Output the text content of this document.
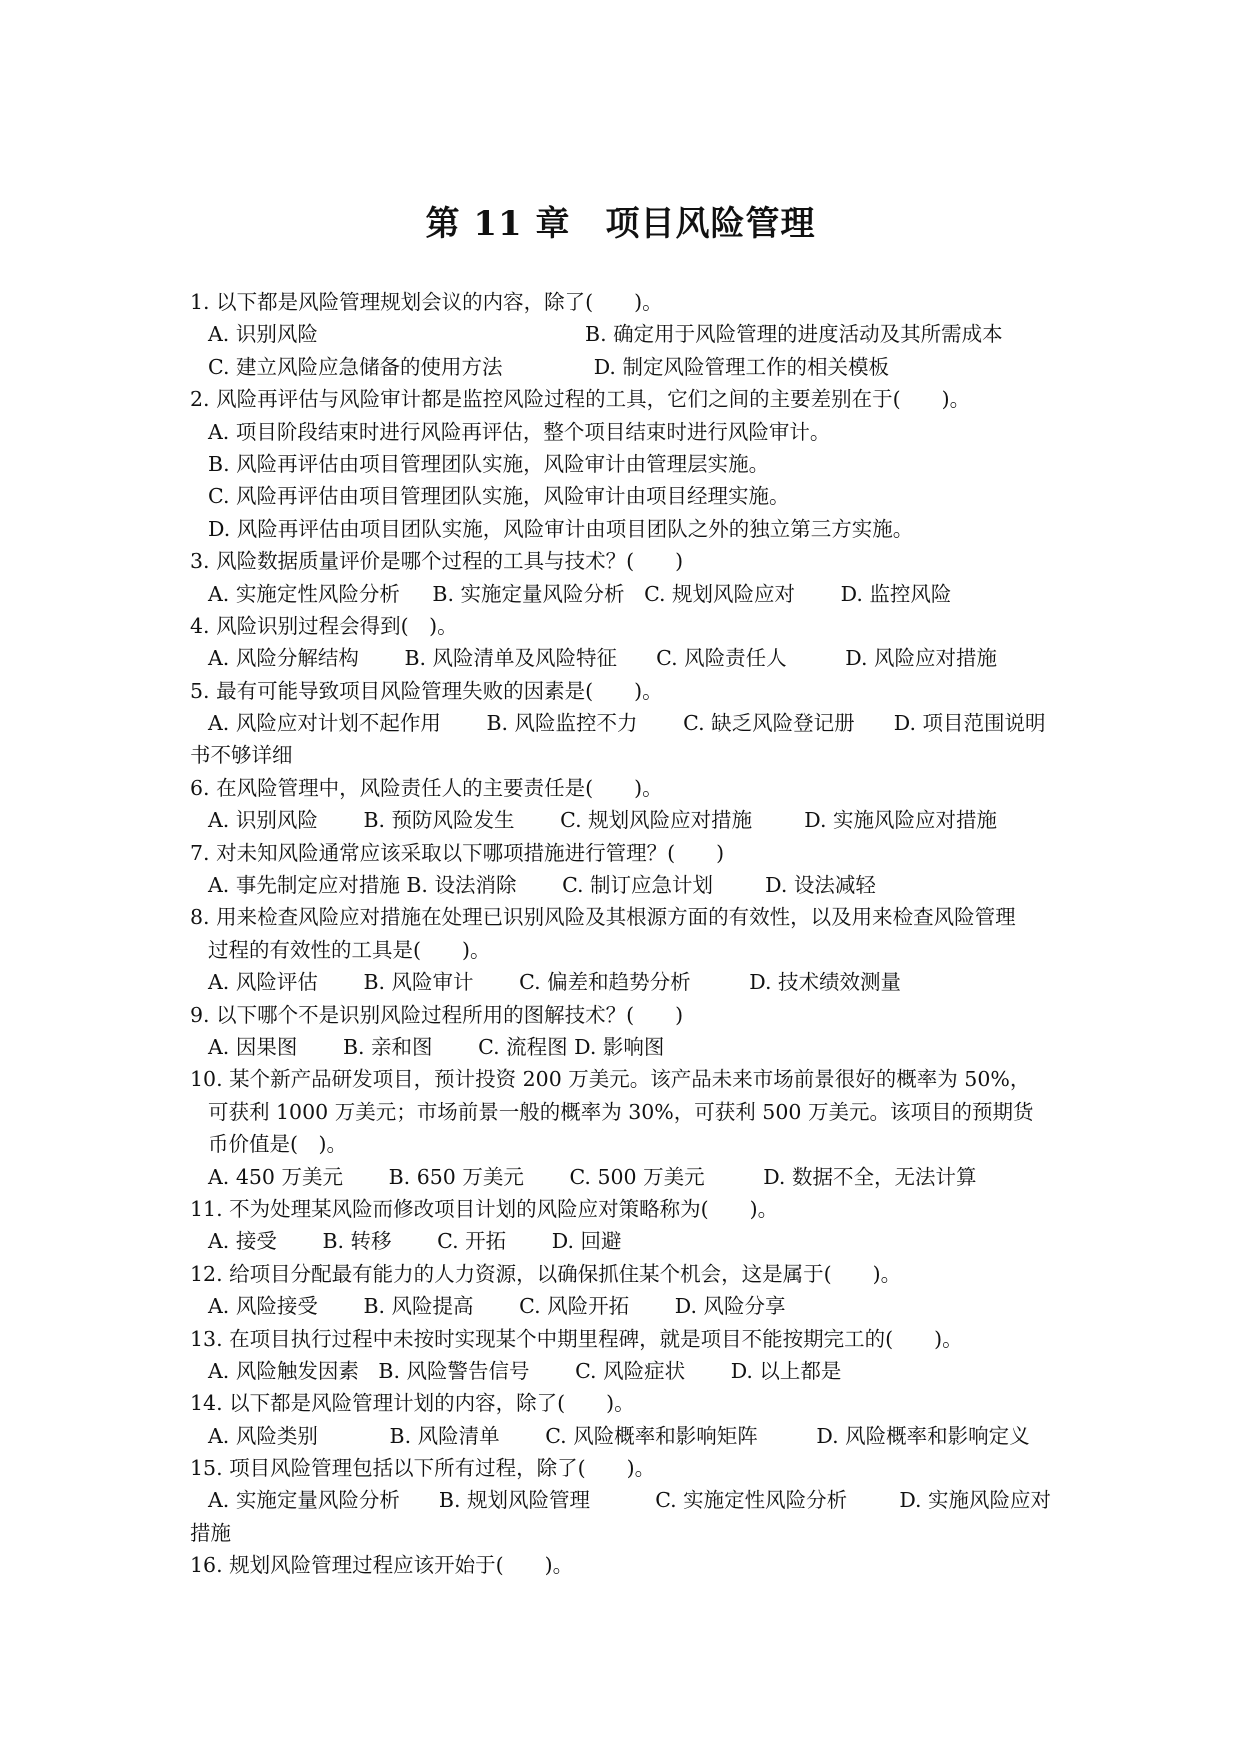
第 11 章　项目风险管理
1. 以下都是风险管理规划会议的内容，除了(　　)。
A. 识别风险                                         B. 确定用于风险管理的进度活动及其所需成本
C. 建立风险应急储备的使用方法              D. 制定风险管理工作的相关模板
2. 风险再评估与风险审计都是监控风险过程的工具，它们之间的主要差别在于(　　)。
A. 项目阶段结束时进行风险再评估，整个项目结束时进行风险审计。
B. 风险再评估由项目管理团队实施，风险审计由管理层实施。
C. 风险再评估由项目管理团队实施，风险审计由项目经理实施。
D. 风险再评估由项目团队实施，风险审计由项目团队之外的独立第三方实施。
3. 风险数据质量评价是哪个过程的工具与技术？(　　)
A. 实施定性风险分析     B. 实施定量风险分析   C. 规划风险应对       D. 监控风险
4. 风险识别过程会得到(　)。
A. 风险分解结构       B. 风险清单及风险特征      C. 风险责任人         D. 风险应对措施
5. 最有可能导致项目风险管理失败的因素是(　　)。
A. 风险应对计划不起作用       B. 风险监控不力       C. 缺乏风险登记册      D. 项目范围说明
书不够详细
6. 在风险管理中，风险责任人的主要责任是(　　)。
A. 识别风险       B. 预防风险发生       C. 规划风险应对措施        D. 实施风险应对措施
7. 对未知风险通常应该采取以下哪项措施进行管理？(　　)
A. 事先制定应对措施 B. 设法消除       C. 制订应急计划        D. 设法减轻
8. 用来检查风险应对措施在处理已识别风险及其根源方面的有效性，以及用来检查风险管理
过程的有效性的工具是(　　)。
A. 风险评估       B. 风险审计       C. 偏差和趋势分析         D. 技术绩效测量
9. 以下哪个不是识别风险过程所用的图解技术？(　　)
A. 因果图       B. 亲和图       C. 流程图 D. 影响图
10. 某个新产品研发项目，预计投资 200 万美元。该产品未来市场前景很好的概率为 50%，
可获利 1000 万美元；市场前景一般的概率为 30%，可获利 500 万美元。该项目的预期货
币价值是(　)。
A. 450 万美元       B. 650 万美元       C. 500 万美元         D. 数据不全，无法计算
11. 不为处理某风险而修改项目计划的风险应对策略称为(　　)。
A. 接受       B. 转移       C. 开拓       D. 回避
12. 给项目分配最有能力的人力资源，以确保抓住某个机会，这是属于(　　)。
A. 风险接受       B. 风险提高       C. 风险开拓       D. 风险分享
13. 在项目执行过程中未按时实现某个中期里程碑，就是项目不能按期完工的(　　)。
A. 风险触发因素   B. 风险警告信号       C. 风险症状       D. 以上都是
14. 以下都是风险管理计划的内容，除了(　　)。
A. 风险类别           B. 风险清单       C. 风险概率和影响矩阵         D. 风险概率和影响定义
15. 项目风险管理包括以下所有过程，除了(　　)。
A. 实施定量风险分析      B. 规划风险管理          C. 实施定性风险分析        D. 实施风险应对
措施
16. 规划风险管理过程应该开始于(　　)。
